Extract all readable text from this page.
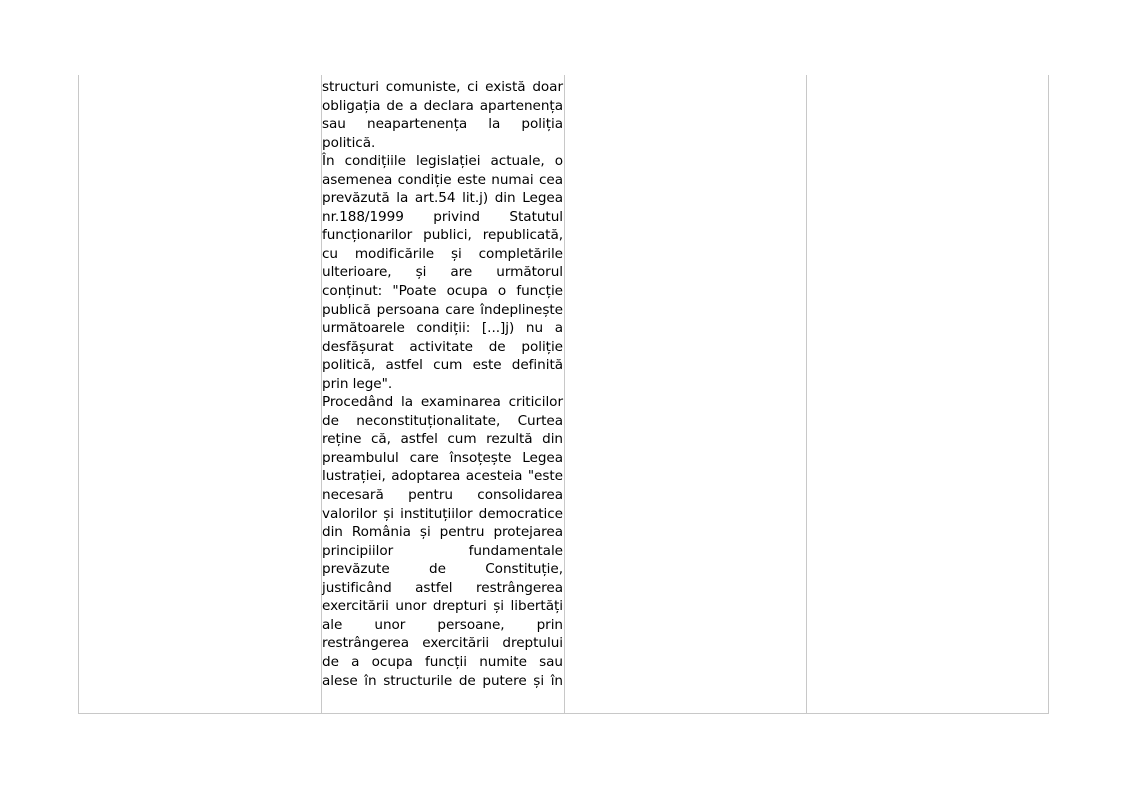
structuri comuniste, ci există doar obligația de a declara apartenența sau neapartenența la poliția politică.

În condițiile legislației actuale, o asemenea condiție este numai cea prevăzută la art.54 lit.j) din Legea nr.188/1999 privind Statutul funcționarilor publici, republicată, cu modificările și completările ulterioare, și are următorul conținut: "Poate ocupa o funcție publică persoana care îndeplinește următoarele condiții: [...]j) nu a desfășurat activitate de poliție politică, astfel cum este definită prin lege".

Procedând la examinarea criticilor de neconstituționalitate, Curtea reține că, astfel cum rezultă din preambulul care însoțește Legea lustrației, adoptarea acesteia "este necesară pentru consolidarea valorilor și instituțiilor democratice din România și pentru protejarea principiilor fundamentale prevăzute de Constituție, justificând astfel restrângerea exercitării unor drepturi și libertăți ale unor persoane, prin restrângerea exercitării dreptului de a ocupa funcții numite sau alese în structurile de putere și în
